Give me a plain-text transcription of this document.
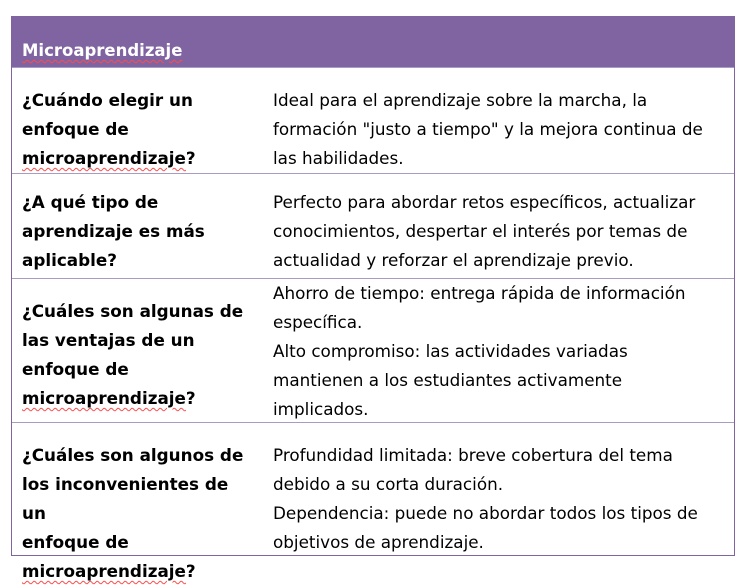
Microaprendizaje
¿Cuándo elegir un
enfoque de
microaprendizaje?
Ideal para el aprendizaje sobre la marcha, la
formación "justo a tiempo" y la mejora continua de
las habilidades.
¿A qué tipo de
aprendizaje es más
aplicable?
Perfecto para abordar retos específicos, actualizar
conocimientos, despertar el interés por temas de
actualidad y reforzar el aprendizaje previo.
¿Cuáles son algunas de
las ventajas de un
enfoque de
microaprendizaje?
Ahorro de tiempo: entrega rápida de información
específica.
Alto compromiso: las actividades variadas
mantienen a los estudiantes activamente
implicados.
¿Cuáles son algunos de
los inconvenientes de un
enfoque de
microaprendizaje?
Profundidad limitada: breve cobertura del tema
debido a su corta duración.
Dependencia: puede no abordar todos los tipos de
objetivos de aprendizaje.
